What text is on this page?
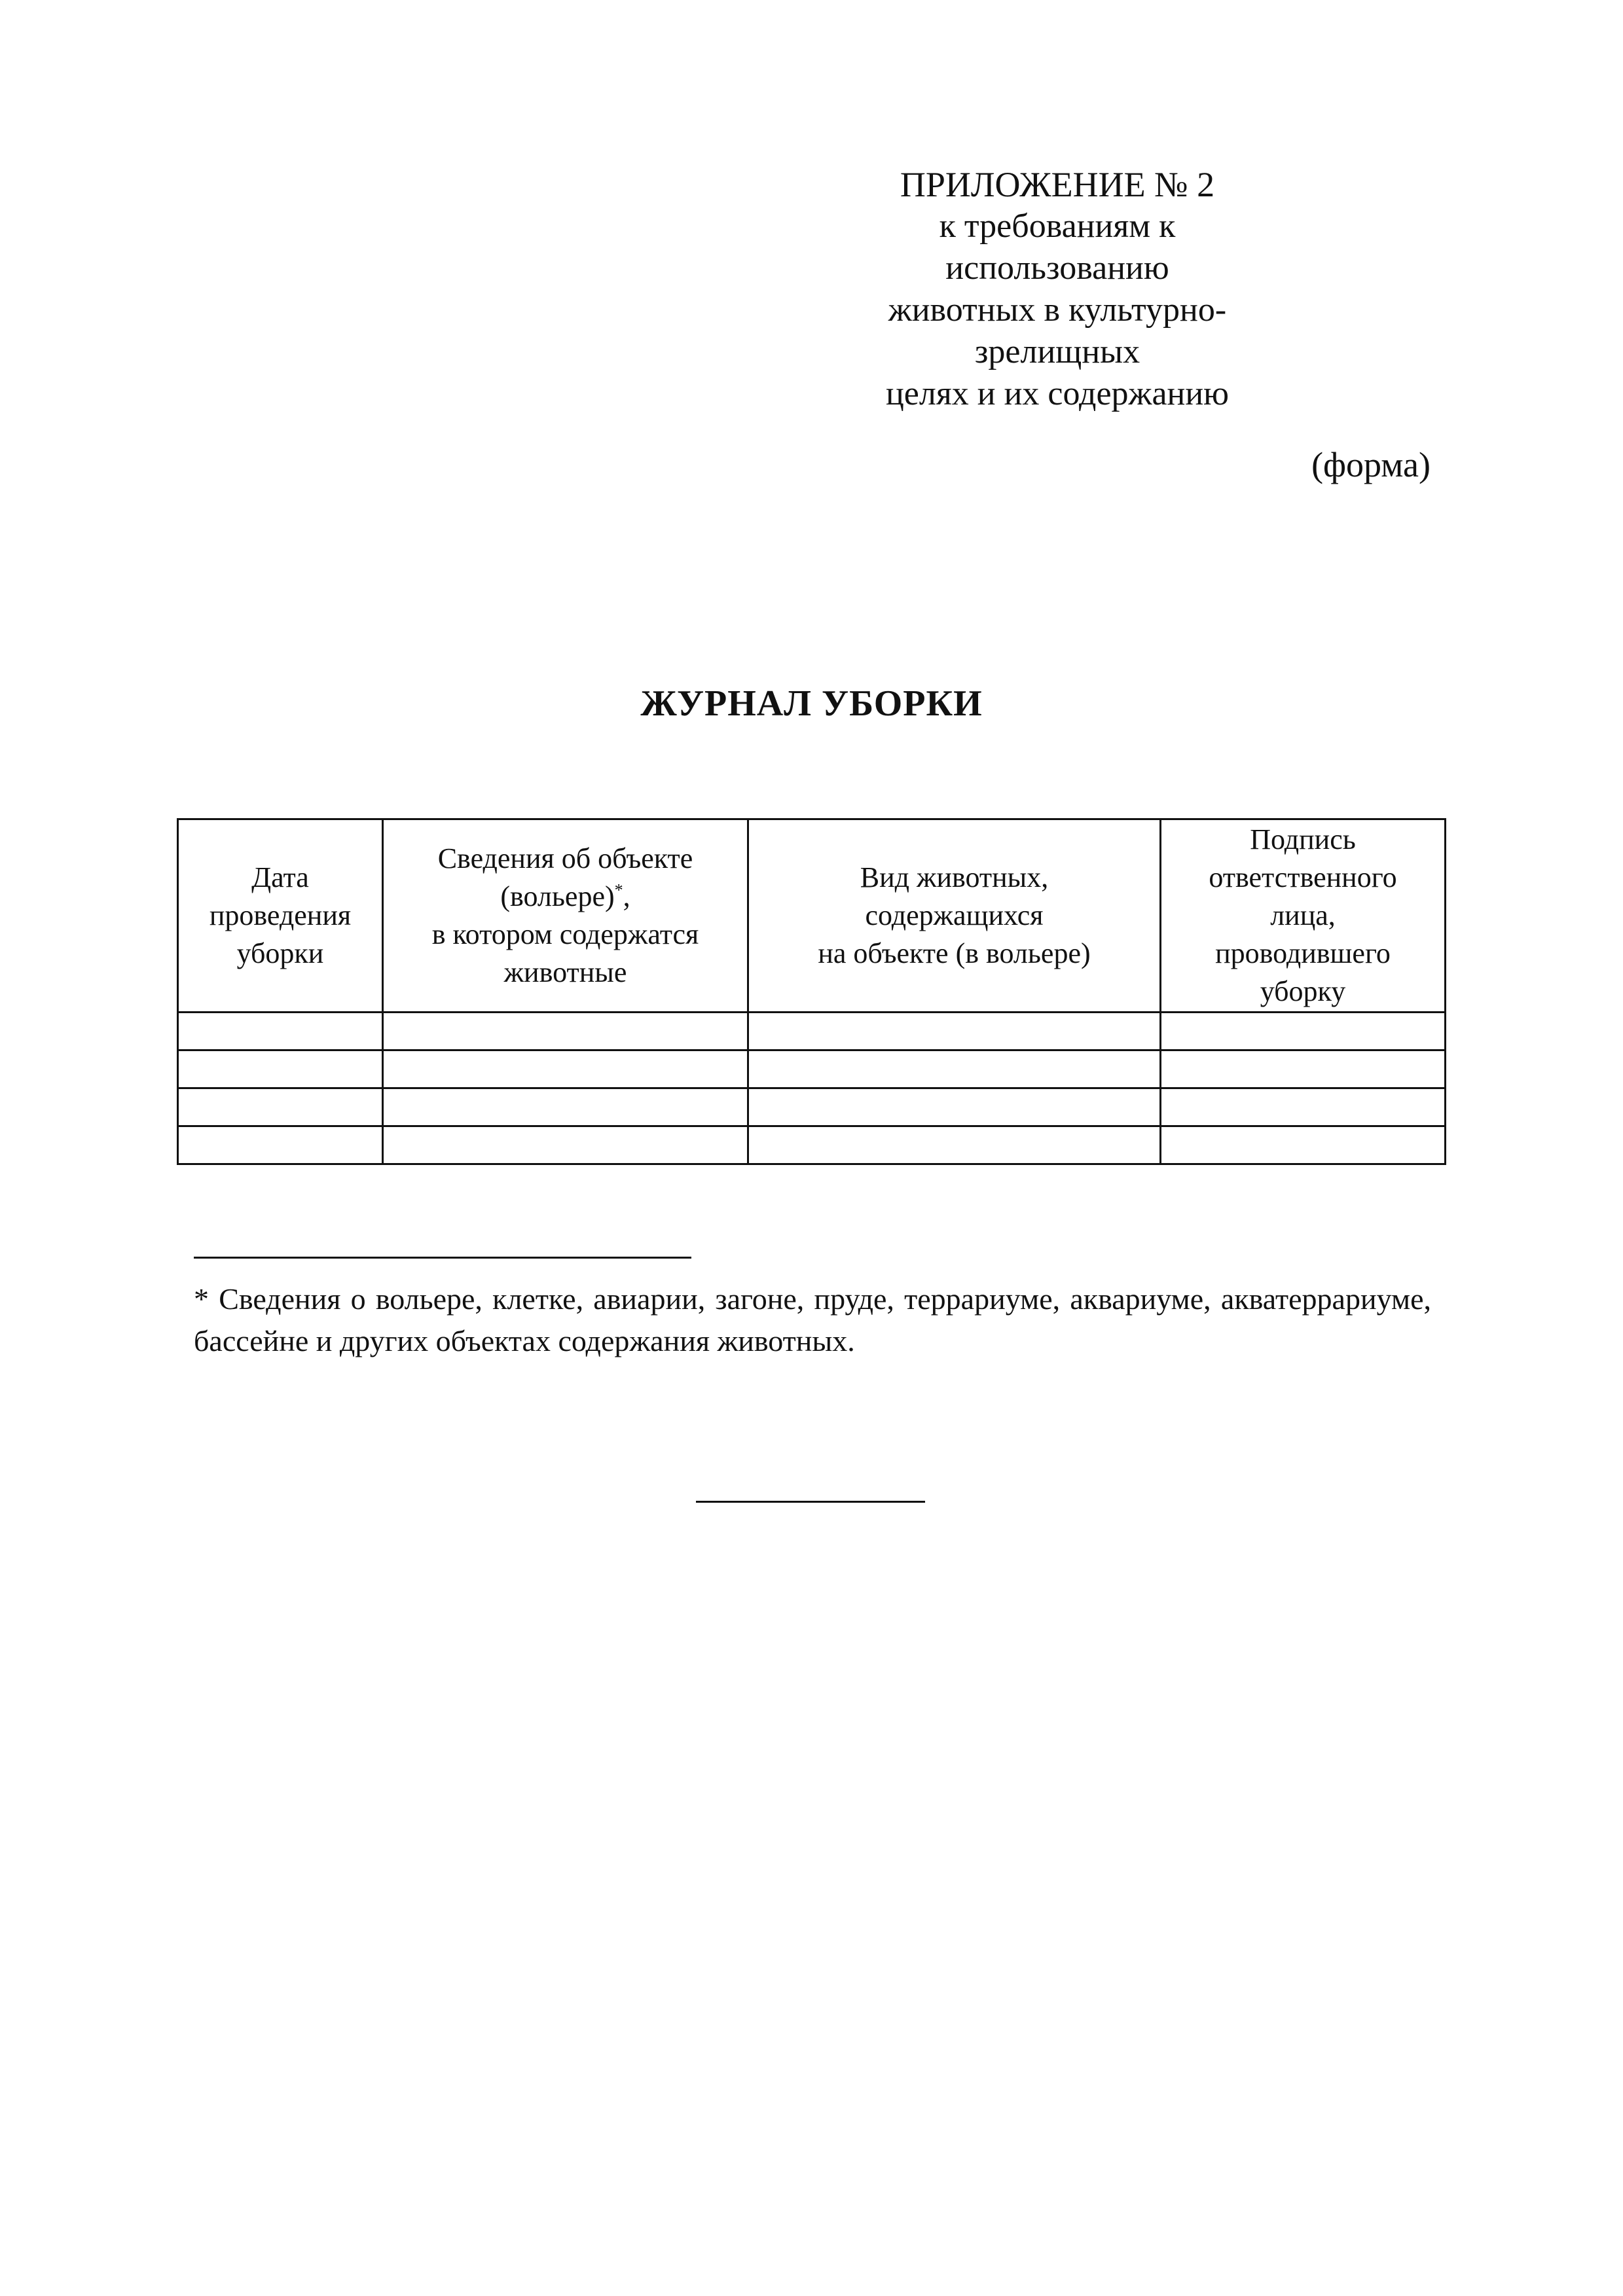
ПРИЛОЖЕНИЕ № 2
к требованиям к использованию
животных в культурно-зрелищных
целях и их содержанию
(форма)
ЖУРНАЛ УБОРКИ
Дата
проведения
уборки	Сведения об объекте
(вольере)*,
в котором содержатся
животные	Вид животных,
содержащихся
на объекте (в вольере)	Подпись
ответственного
лица,
проводившего
уборку

* Сведения о вольере, клетке, авиарии, загоне, пруде, террариуме, аквариуме, акватеррариуме, бассейне и других объектах содержания животных.
